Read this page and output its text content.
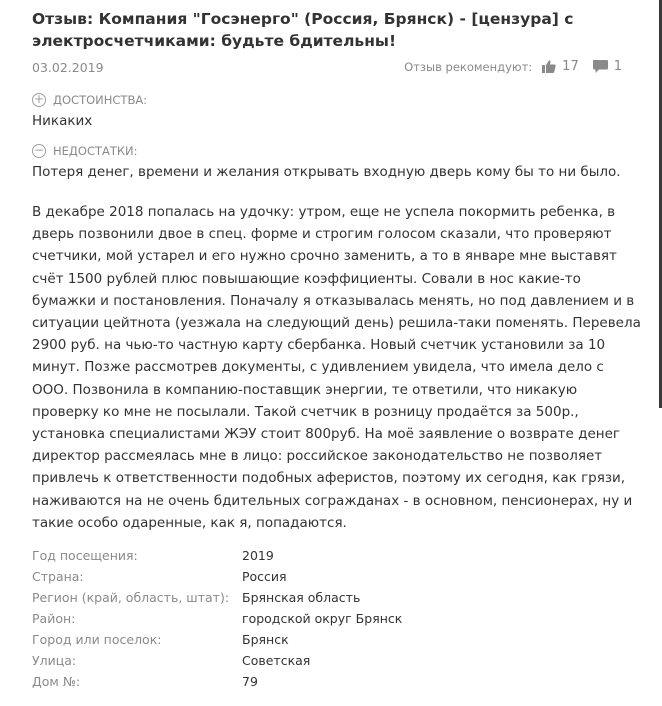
Отзыв: Компания "Госэнерго" (Россия, Брянск) - [цензура] с электросчетчиками: будьте бдительны!
03.02.2019	Отзыв рекомендуют: 17	1
+ ДОСТОИНСТВА:
Никаких
− НЕДОСТАТКИ:
Потеря денег, времени и желания открывать входную дверь кому бы то ни было.

В декабре 2018 попалась на удочку: утром, еще не успела покормить ребенка, в дверь позвонили двое в спец. форме и строгим голосом сказали, что проверяют счетчики, мой устарел и его нужно срочно заменить, а то в январе мне выставят счёт 1500 рублей плюс повышающие коэффициенты. Совали в нос какие-то бумажки и постановления. Поначалу я отказывалась менять, но под давлением и в ситуации цейтнота (уезжала на следующий день) решила-таки поменять. Перевела 2900 руб. на чью-то частную карту сбербанка. Новый счетчик установили за 10 минут. Позже рассмотрев документы, с удивлением увидела, что имела дело с ООО. Позвонила в компанию-поставщик энергии, те ответили, что никакую проверку ко мне не посылали. Такой счетчик в розницу продаётся за 500р., установка специалистами ЖЭУ стоит 800руб. На моё заявление о возврате денег директор рассмеялась мне в лицо: российское законодательство не позволяет привлечь к ответственности подобных аферистов, поэтому их сегодня, как грязи, наживаются на не очень бдительных согражданах - в основном, пенсионерах, ну и такие особо одаренные, как я, попадаются.

Год посещения:	2019
Страна:	Россия
Регион (край, область, штат):	Брянская область
Район:	городской округ Брянск
Город или поселок:	Брянск
Улица:	Советская
Дом №:	79
